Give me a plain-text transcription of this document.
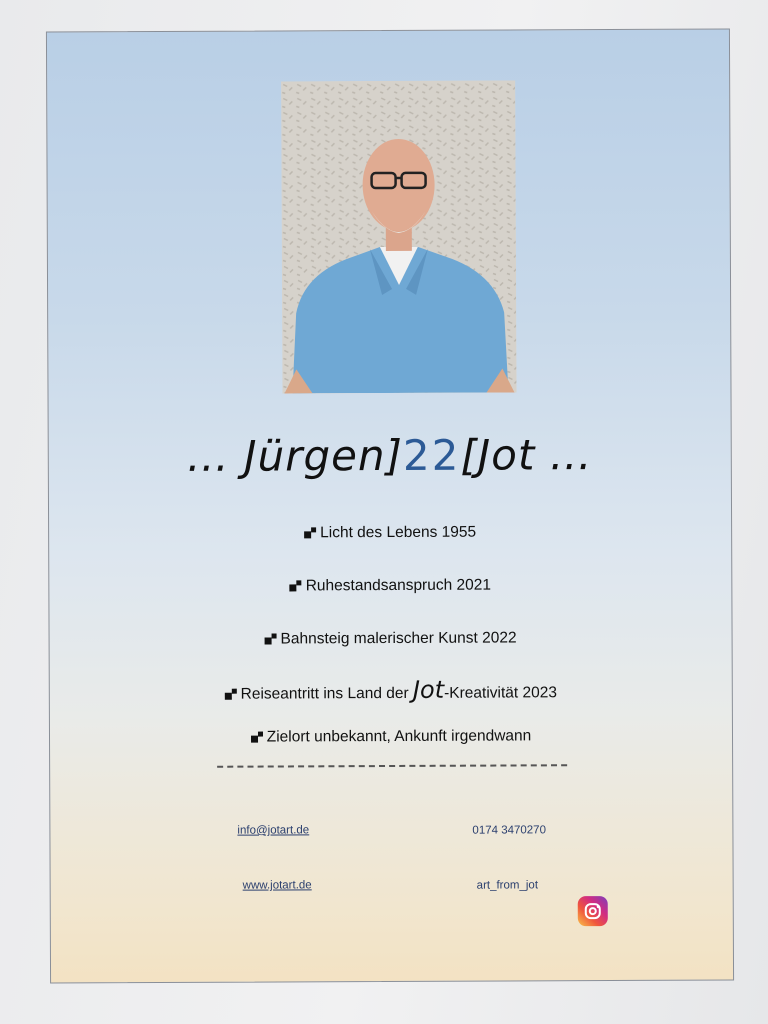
… Jürgen]22[Jot …
Licht des Lebens 1955
Ruhestandsanspruch 2021
Bahnsteig malerischer Kunst 2022
Reiseantritt ins Land der Jot-Kreativität 2023
Zielort unbekannt, Ankunft irgendwann
info@jotart.de	0174 3470270
www.jotart.de	art_from_jot
